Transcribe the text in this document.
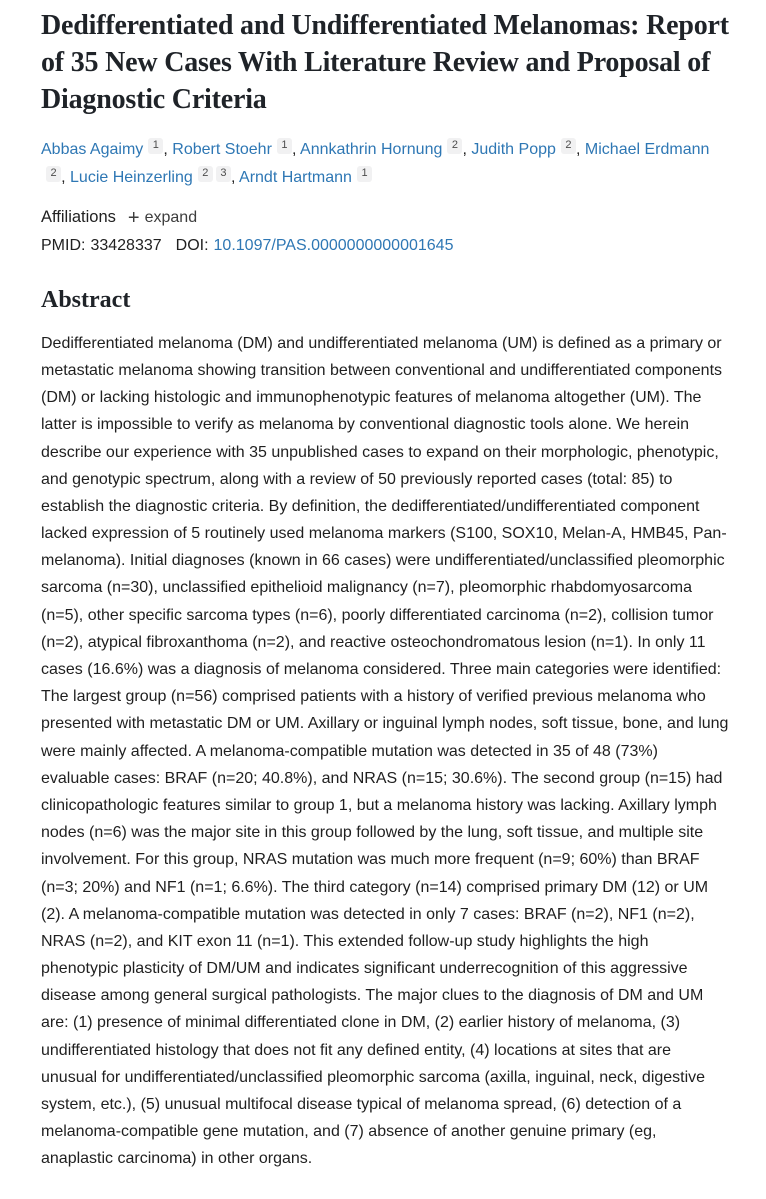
Dedifferentiated and Undifferentiated Melanomas: Report of 35 New Cases With Literature Review and Proposal of Diagnostic Criteria
Abbas Agaimy 1 , Robert Stoehr 1 , Annkathrin Hornung 2 , Judith Popp 2 , Michael Erdmann2 , Lucie Heinzerling 2 3 , Arndt Hartmann 1
Affiliations + expand
PMID: 33428337 DOI: 10.1097/PAS.0000000000001645
Abstract

Dedifferentiated melanoma (DM) and undifferentiated melanoma (UM) is defined as a primary or metastatic melanoma showing transition between conventional and undifferentiated components (DM) or lacking histologic and immunophenotypic features of melanoma altogether (UM). The latter is impossible to verify as melanoma by conventional diagnostic tools alone. We herein describe our experience with 35 unpublished cases to expand on their morphologic, phenotypic, and genotypic spectrum, along with a review of 50 previously reported cases (total: 85) to establish the diagnostic criteria. By definition, the dedifferentiated/undifferentiated component lacked expression of 5 routinely used melanoma markers (S100, SOX10, Melan-A, HMB45, Pan-melanoma). Initial diagnoses (known in 66 cases) were undifferentiated/unclassified pleomorphic sarcoma (n=30), unclassified epithelioid malignancy (n=7), pleomorphic rhabdomyosarcoma (n=5), other specific sarcoma types (n=6), poorly differentiated carcinoma (n=2), collision tumor (n=2), atypical fibroxanthoma (n=2), and reactive osteochondromatous lesion (n=1). In only 11 cases (16.6%) was a diagnosis of melanoma considered. Three main categories were identified: The largest group (n=56) comprised patients with a history of verified previous melanoma who presented with metastatic DM or UM. Axillary or inguinal lymph nodes, soft tissue, bone, and lung were mainly affected. A melanoma-compatible mutation was detected in 35 of 48 (73%) evaluable cases: BRAF (n=20; 40.8%), and NRAS (n=15; 30.6%). The second group (n=15) had clinicopathologic features similar to group 1, but a melanoma history was lacking. Axillary lymph nodes (n=6) was the major site in this group followed by the lung, soft tissue, and multiple site involvement. For this group, NRAS mutation was much more frequent (n=9; 60%) than BRAF (n=3; 20%) and NF1 (n=1; 6.6%). The third category (n=14) comprised primary DM (12) or UM (2). A melanoma-compatible mutation was detected in only 7 cases: BRAF (n=2), NF1 (n=2), NRAS (n=2), and KIT exon 11 (n=1). This extended follow-up study highlights the high phenotypic plasticity of DM/UM and indicates significant underrecognition of this aggressive disease among general surgical pathologists. The major clues to the diagnosis of DM and UM are: (1) presence of minimal differentiated clone in DM, (2) earlier history of melanoma, (3) undifferentiated histology that does not fit any defined entity, (4) locations at sites that are unusual for undifferentiated/unclassified pleomorphic sarcoma (axilla, inguinal, neck, digestive system, etc.), (5) unusual multifocal disease typical of melanoma spread, (6) detection of a melanoma-compatible gene mutation, and (7) absence of another genuine primary (eg, anaplastic carcinoma) in other organs.
